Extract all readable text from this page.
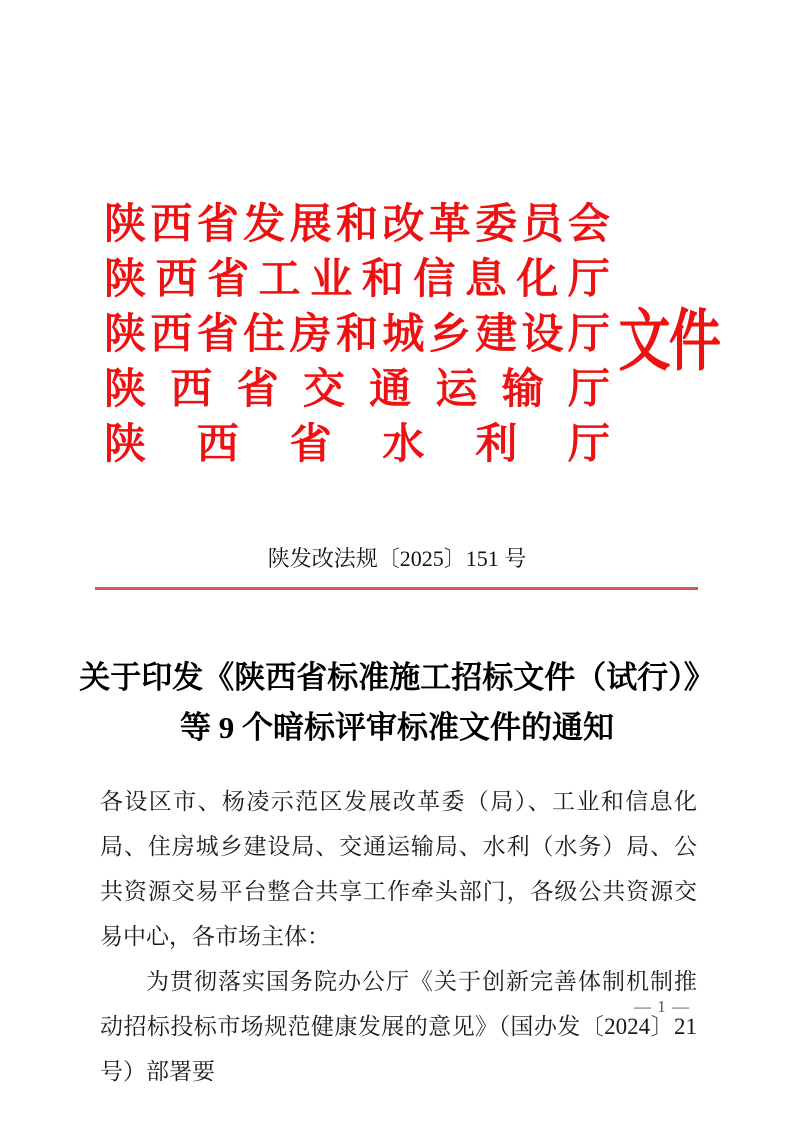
陕 西 省 发 展 和 改 革 委 员 会
陕 西 省 工 业 和 信 息 化 厅
陕 西 省 住 房 和 城 乡 建 设 厅
陕 西 省 交 通 运 输 厅
陕 西 省 水 利 厅
文件
陕发改法规〔2025〕151 号
关于印发《陕西省标准施工招标文件（试行）》
等 9 个暗标评审标准文件的通知

各设区市、杨凌示范区发展改革委（局）、工业和信息化局、住房城乡建设局、交通运输局、水利（水务）局、公共资源交易平台整合共享工作牵头部门，各级公共资源交易中心，各市场主体：

为贯彻落实国务院办公厅《关于创新完善体制机制推动招标投标市场规范健康发展的意见》（国办发〔2024〕21 号）部署要

— 1 —
